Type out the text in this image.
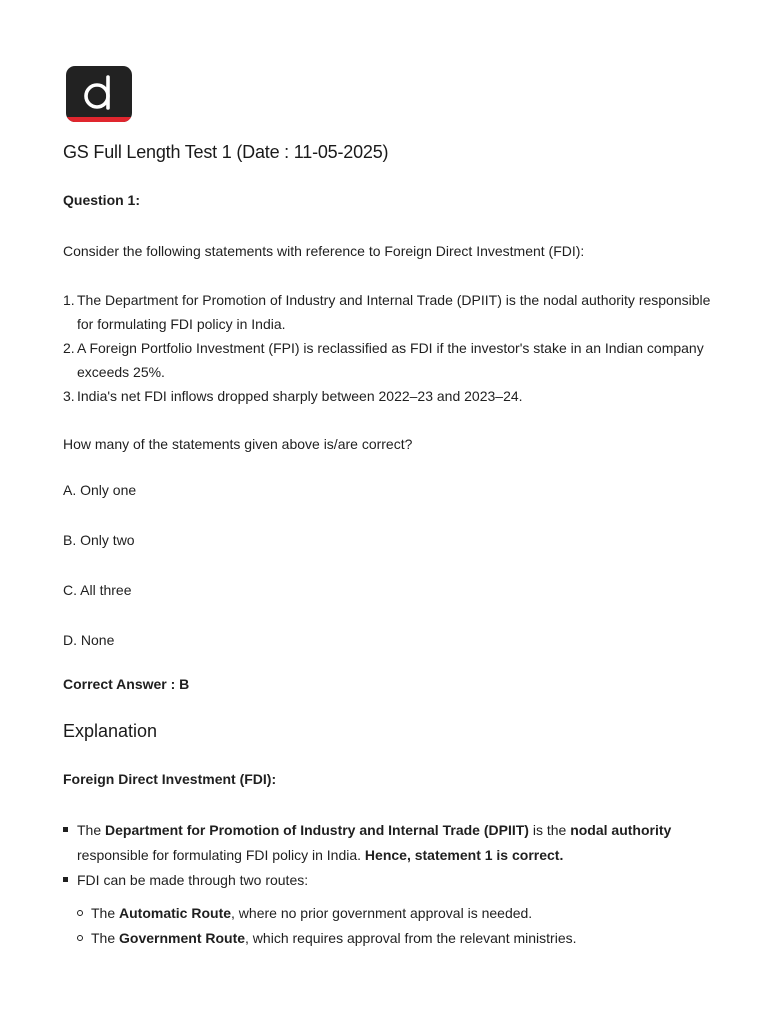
GS Full Length Test 1 (Date : 11-05-2025)

Question 1:

Consider the following statements with reference to Foreign Direct Investment (FDI):

1. The Department for Promotion of Industry and Internal Trade (DPIIT) is the nodal authority responsible for formulating FDI policy in India.
2. A Foreign Portfolio Investment (FPI) is reclassified as FDI if the investor's stake in an Indian company exceeds 25%.
3. India's net FDI inflows dropped sharply between 2022–23 and 2023–24.

How many of the statements given above is/are correct?

A. Only one
B. Only two
C. All three
D. None

Correct Answer : B

Explanation

Foreign Direct Investment (FDI):

The Department for Promotion of Industry and Internal Trade (DPIIT) is the nodal authority responsible for formulating FDI policy in India. Hence, statement 1 is correct.
FDI can be made through two routes:
The Automatic Route, where no prior government approval is needed.
The Government Route, which requires approval from the relevant ministries.
